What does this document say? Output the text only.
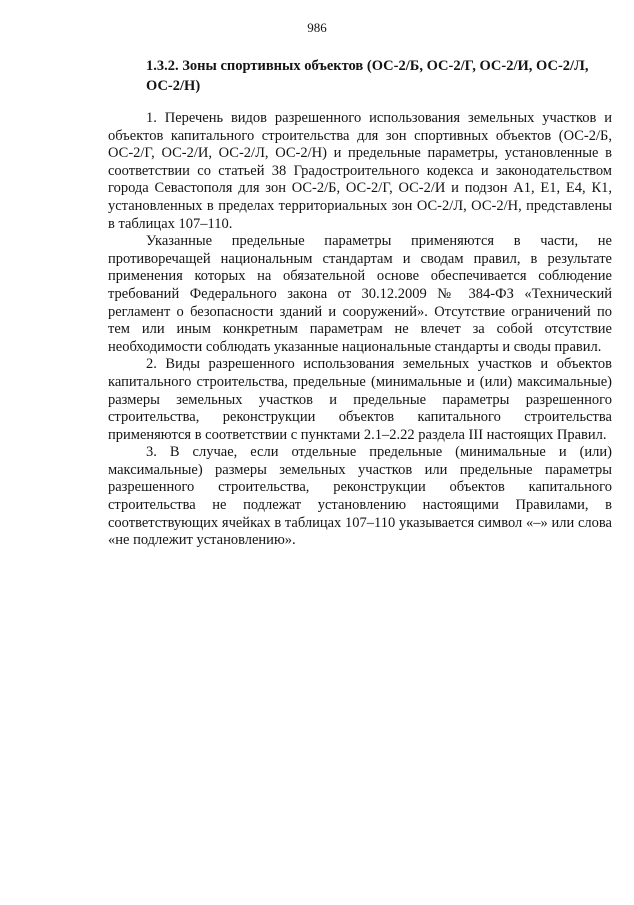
986

1.3.2. Зоны спортивных объектов (ОС-2/Б, ОС-2/Г, ОС-2/И, ОС-2/Л, ОС-2/Н)

1. Перечень видов разрешенного использования земельных участков и объектов капитального строительства для зон спортивных объектов (ОС-2/Б, ОС-2/Г, ОС-2/И, ОС-2/Л, ОС-2/Н) и предельные параметры, установленные в соответствии со статьей 38 Градостроительного кодекса и законодательством города Севастополя для зон ОС-2/Б, ОС-2/Г, ОС-2/И и подзон А1, Е1, Е4, К1, установленных в пределах территориальных зон ОС-2/Л, ОС-2/Н, представлены в таблицах 107–110.

Указанные предельные параметры применяются в части, не противоречащей национальным стандартам и сводам правил, в результате применения которых на обязательной основе обеспечивается соблюдение требований Федерального закона от 30.12.2009 № 384-ФЗ «Технический регламент о безопасности зданий и сооружений». Отсутствие ограничений по тем или иным конкретным параметрам не влечет за собой отсутствие необходимости соблюдать указанные национальные стандарты и своды правил.

2. Виды разрешенного использования земельных участков и объектов капитального строительства, предельные (минимальные и (или) максимальные) размеры земельных участков и предельные параметры разрешенного строительства, реконструкции объектов капитального строительства применяются в соответствии с пунктами 2.1–2.22 раздела III настоящих Правил.

3. В случае, если отдельные предельные (минимальные и (или) максимальные) размеры земельных участков или предельные параметры разрешенного строительства, реконструкции объектов капитального строительства не подлежат установлению настоящими Правилами, в соответствующих ячейках в таблицах 107–110 указывается символ «–» или слова «не подлежит установлению».
